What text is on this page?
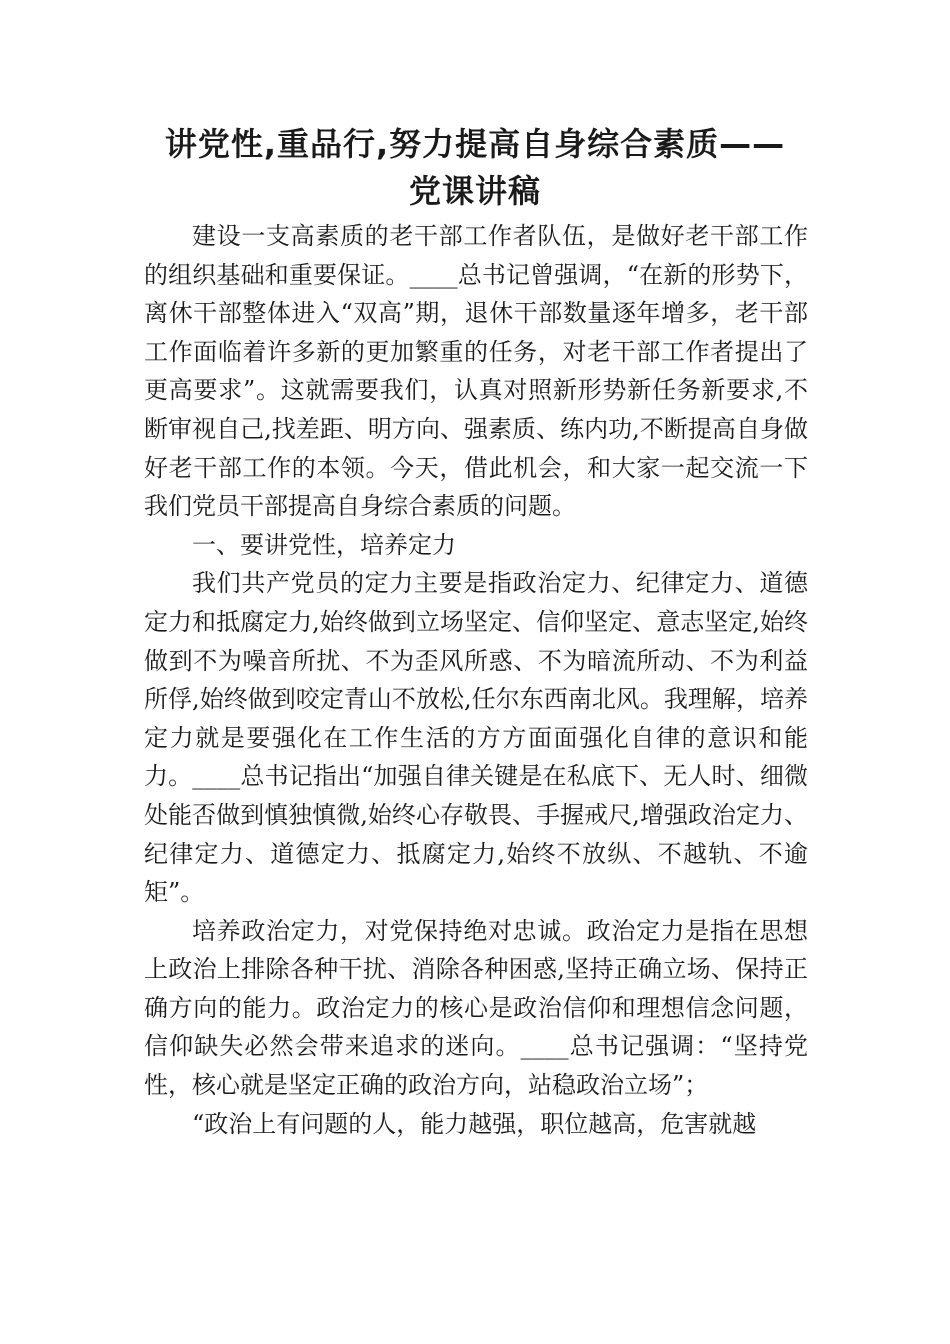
讲党性,重品行,努力提高自身综合素质——
党课讲稿

建设一支高素质的老干部工作者队伍，是做好老干部工作的组织基础和重要保证。____总书记曾强调，“在新的形势下，离休干部整体进入“双高”期，退休干部数量逐年增多，老干部工作面临着许多新的更加繁重的任务，对老干部工作者提出了更高要求”。这就需要我们，认真对照新形势新任务新要求,不断审视自己,找差距、明方向、强素质、练内功,不断提高自身做好老干部工作的本领。今天，借此机会，和大家一起交流一下我们党员干部提高自身综合素质的问题。

一、要讲党性，培养定力

我们共产党员的定力主要是指政治定力、纪律定力、道德定力和抵腐定力,始终做到立场坚定、信仰坚定、意志坚定,始终做到不为噪音所扰、不为歪风所惑、不为暗流所动、不为利益所俘,始终做到咬定青山不放松,任尔东西南北风。我理解，培养定力就是要强化在工作生活的方方面面强化自律的意识和能力。____总书记指出“加强自律关键是在私底下、无人时、细微处能否做到慎独慎微,始终心存敬畏、手握戒尺,增强政治定力、纪律定力、道德定力、抵腐定力,始终不放纵、不越轨、不逾矩”。

培养政治定力，对党保持绝对忠诚。政治定力是指在思想上政治上排除各种干扰、消除各种困惑,坚持正确立场、保持正确方向的能力。政治定力的核心是政治信仰和理想信念问题，信仰缺失必然会带来追求的迷向。____总书记强调：“坚持党性，核心就是坚定正确的政治方向，站稳政治立场”；

“政治上有问题的人，能力越强，职位越高，危害就越
